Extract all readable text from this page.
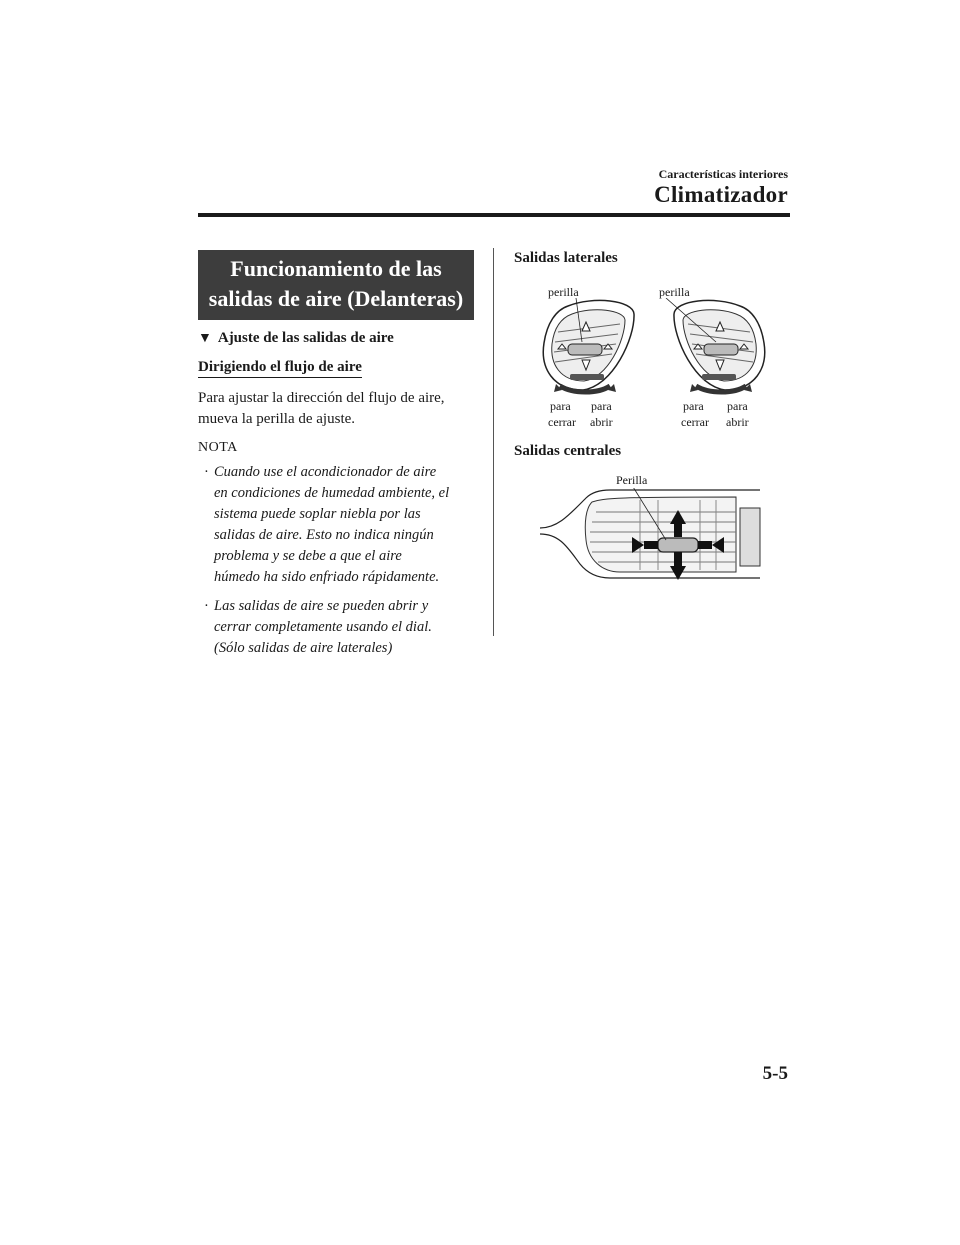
Características interiores
Climatizador
Funcionamiento de las
salidas de aire (Delanteras)
▼ Ajuste de las salidas de aire
Dirigiendo el flujo de aire
Para ajustar la dirección del flujo de aire,
mueva la perilla de ajuste.
NOTA
· Cuando use el acondicionador de aire
en condiciones de humedad ambiente, el
sistema puede soplar niebla por las
salidas de aire. Esto no indica ningún
problema y se debe a que el aire
húmedo ha sido enfriado rápidamente.
· Las salidas de aire se pueden abrir y
cerrar completamente usando el dial.
(Sólo salidas de aire laterales)
Salidas laterales
perilla	perilla
para
cerrar
para
abrir
para
cerrar
para
abrir
Salidas centrales
Perilla
5-5
